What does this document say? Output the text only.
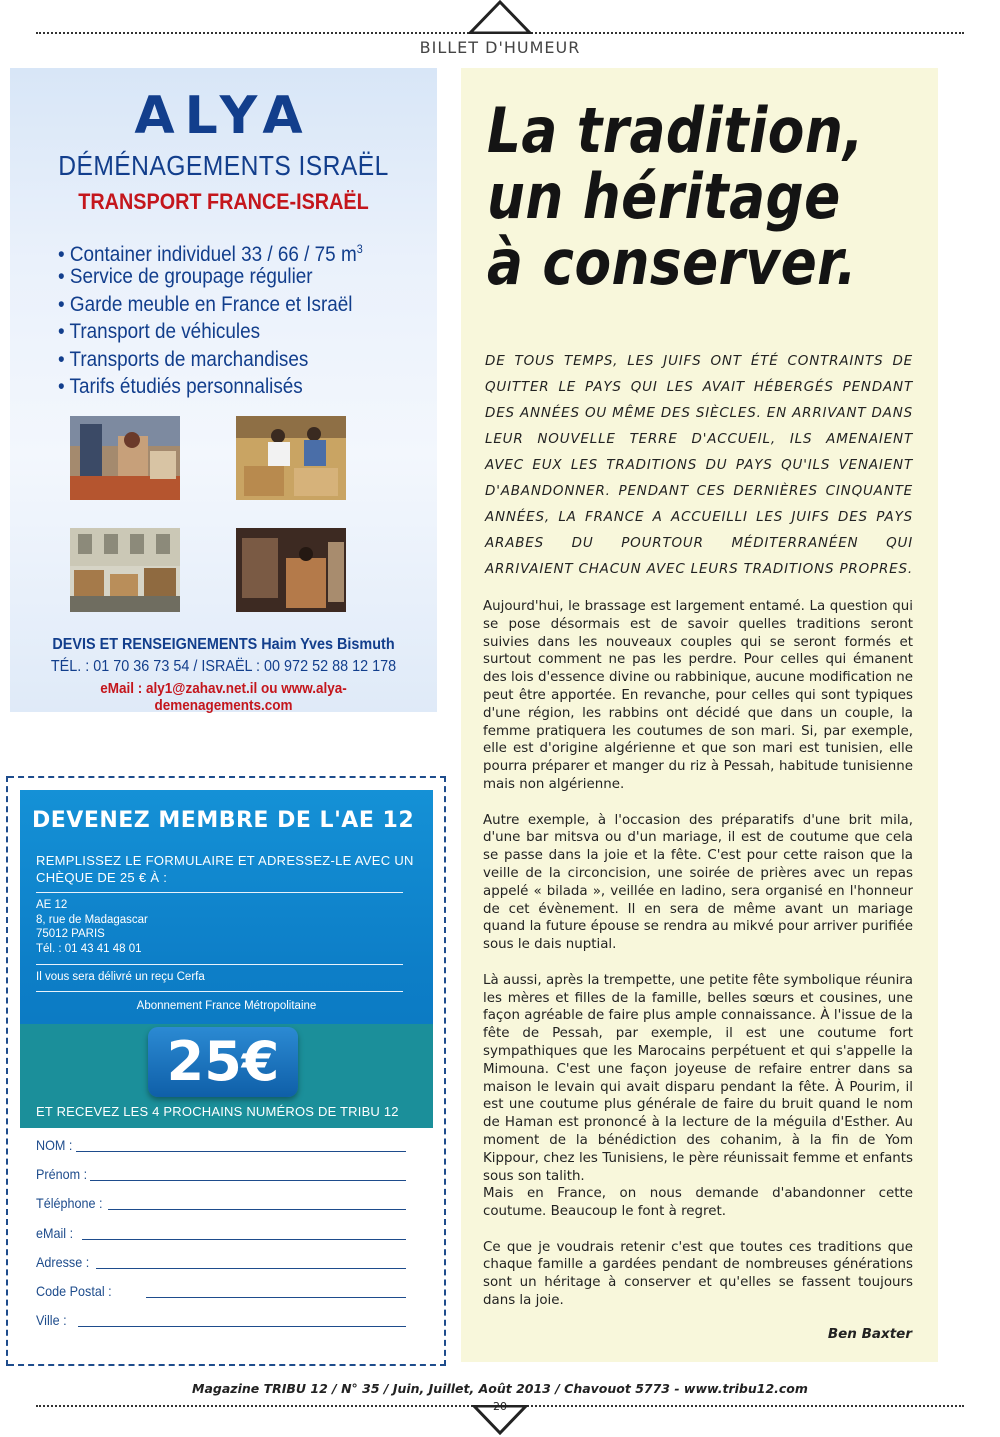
BILLET D'HUMEUR
ALYA
DÉMÉNAGEMENTS ISRAËL
TRANSPORT FRANCE-ISRAËL
• Container individuel 33 / 66 / 75 $m^3$
• Service de groupage régulier
• Garde meuble en France et Israël
• Transport de véhicules
• Transports de marchandises
• Tarifs étudiés personnalisés
DEVIS ET RENSEIGNEMENTS Haim Yves Bismuth
TÉL. : 01 70 36 73 54 / ISRAËL : 00 972 52 88 12 178
eMail : aly1@zahav.net.il ou www.alya-demenagements.com
DEVENEZ MEMBRE DE L'AE 12
REMPLISSEZ LE FORMULAIRE ET ADRESSEZ-LE AVEC UN CHÈQUE DE 25 € À :
AE 12
8, rue de Madagascar
75012 PARIS
Tél. : 01 43 41 48 01
Il vous sera délivré un reçu Cerfa
Abonnement France Métropolitaine
25€
ET RECEVEZ LES 4 PROCHAINS NUMÉROS DE TRIBU 12
NOM :
Prénom :
Téléphone :
eMail :
Adresse :
Code Postal :
Ville :
La tradition,
un héritage
à conserver.
DE TOUS TEMPS, LES JUIFS ONT ÉTÉ CONTRAINTS DE QUITTER LE PAYS QUI LES AVAIT HÉBERGÉS PENDANT DES ANNÉES OU MÊME DES SIÈCLES. EN ARRIVANT DANS LEUR NOUVELLE TERRE D'ACCUEIL, ILS AMENAIENT AVEC EUX LES TRADITIONS DU PAYS QU'ILS VENAIENT D'ABANDONNER. PENDANT CES DERNIÈRES CINQUANTE ANNÉES, LA FRANCE A ACCUEILLI LES JUIFS DES PAYS ARABES DU POURTOUR MÉDITERRANÉEN QUI ARRIVAIENT CHACUN AVEC LEURS TRADITIONS PROPRES.

Aujourd'hui, le brassage est largement entamé. La question qui se pose désormais est de savoir quelles traditions seront suivies dans les nouveaux couples qui se seront formés et surtout comment ne pas les perdre. Pour celles qui émanent des lois d'essence divine ou rabbinique, aucune modification ne peut être apportée. En revanche, pour celles qui sont typiques d'une région, les rabbins ont décidé que dans un couple, la femme pratiquera les coutumes de son mari. Si, par exemple, elle est d'origine algérienne et que son mari est tunisien, elle pourra préparer et manger du riz à Pessah, habitude tunisienne mais non algérienne.

Autre exemple, à l'occasion des préparatifs d'une brit mila, d'une bar mitsva ou d'un mariage, il est de coutume que cela se passe dans la joie et la fête. C'est pour cette raison que la veille de la circoncision, une soirée de prières avec un repas appelé « bilada », veillée en ladino, sera organisé en l'honneur de cet évènement. Il en sera de même avant un mariage quand la future épouse se rendra au mikvé pour arriver purifiée sous le dais nuptial.

Là aussi, après la trempette, une petite fête symbolique réunira les mères et filles de la famille, belles sœurs et cousines, une façon agréable de faire plus ample connaissance. À l'issue de la fête de Pessah, par exemple, il est une coutume fort sympathiques que les Marocains perpétuent et qui s'appelle la Mimouna. C'est une façon joyeuse de refaire entrer dans sa maison le levain qui avait disparu pendant la fête. À Pourim, il est une coutume plus générale de faire du bruit quand le nom de Haman est prononcé à la lecture de la méguila d'Esther. Au moment de la bénédiction des cohanim, à la fin de Yom Kippour, chez les Tunisiens, le père réunissait femme et enfants sous son talith.

Mais en France, on nous demande d'abandonner cette coutume. Beaucoup le font à regret.

Ce que je voudrais retenir c'est que toutes ces traditions que chaque famille a gardées pendant de nombreuses générations sont un héritage à conserver et qu'elles se fassent toujours dans la joie.

Ben Baxter
Magazine TRIBU 12 / N° 35 / Juin, Juillet, Août 2013 / Chavouot 5773 - www.tribu12.com
20
